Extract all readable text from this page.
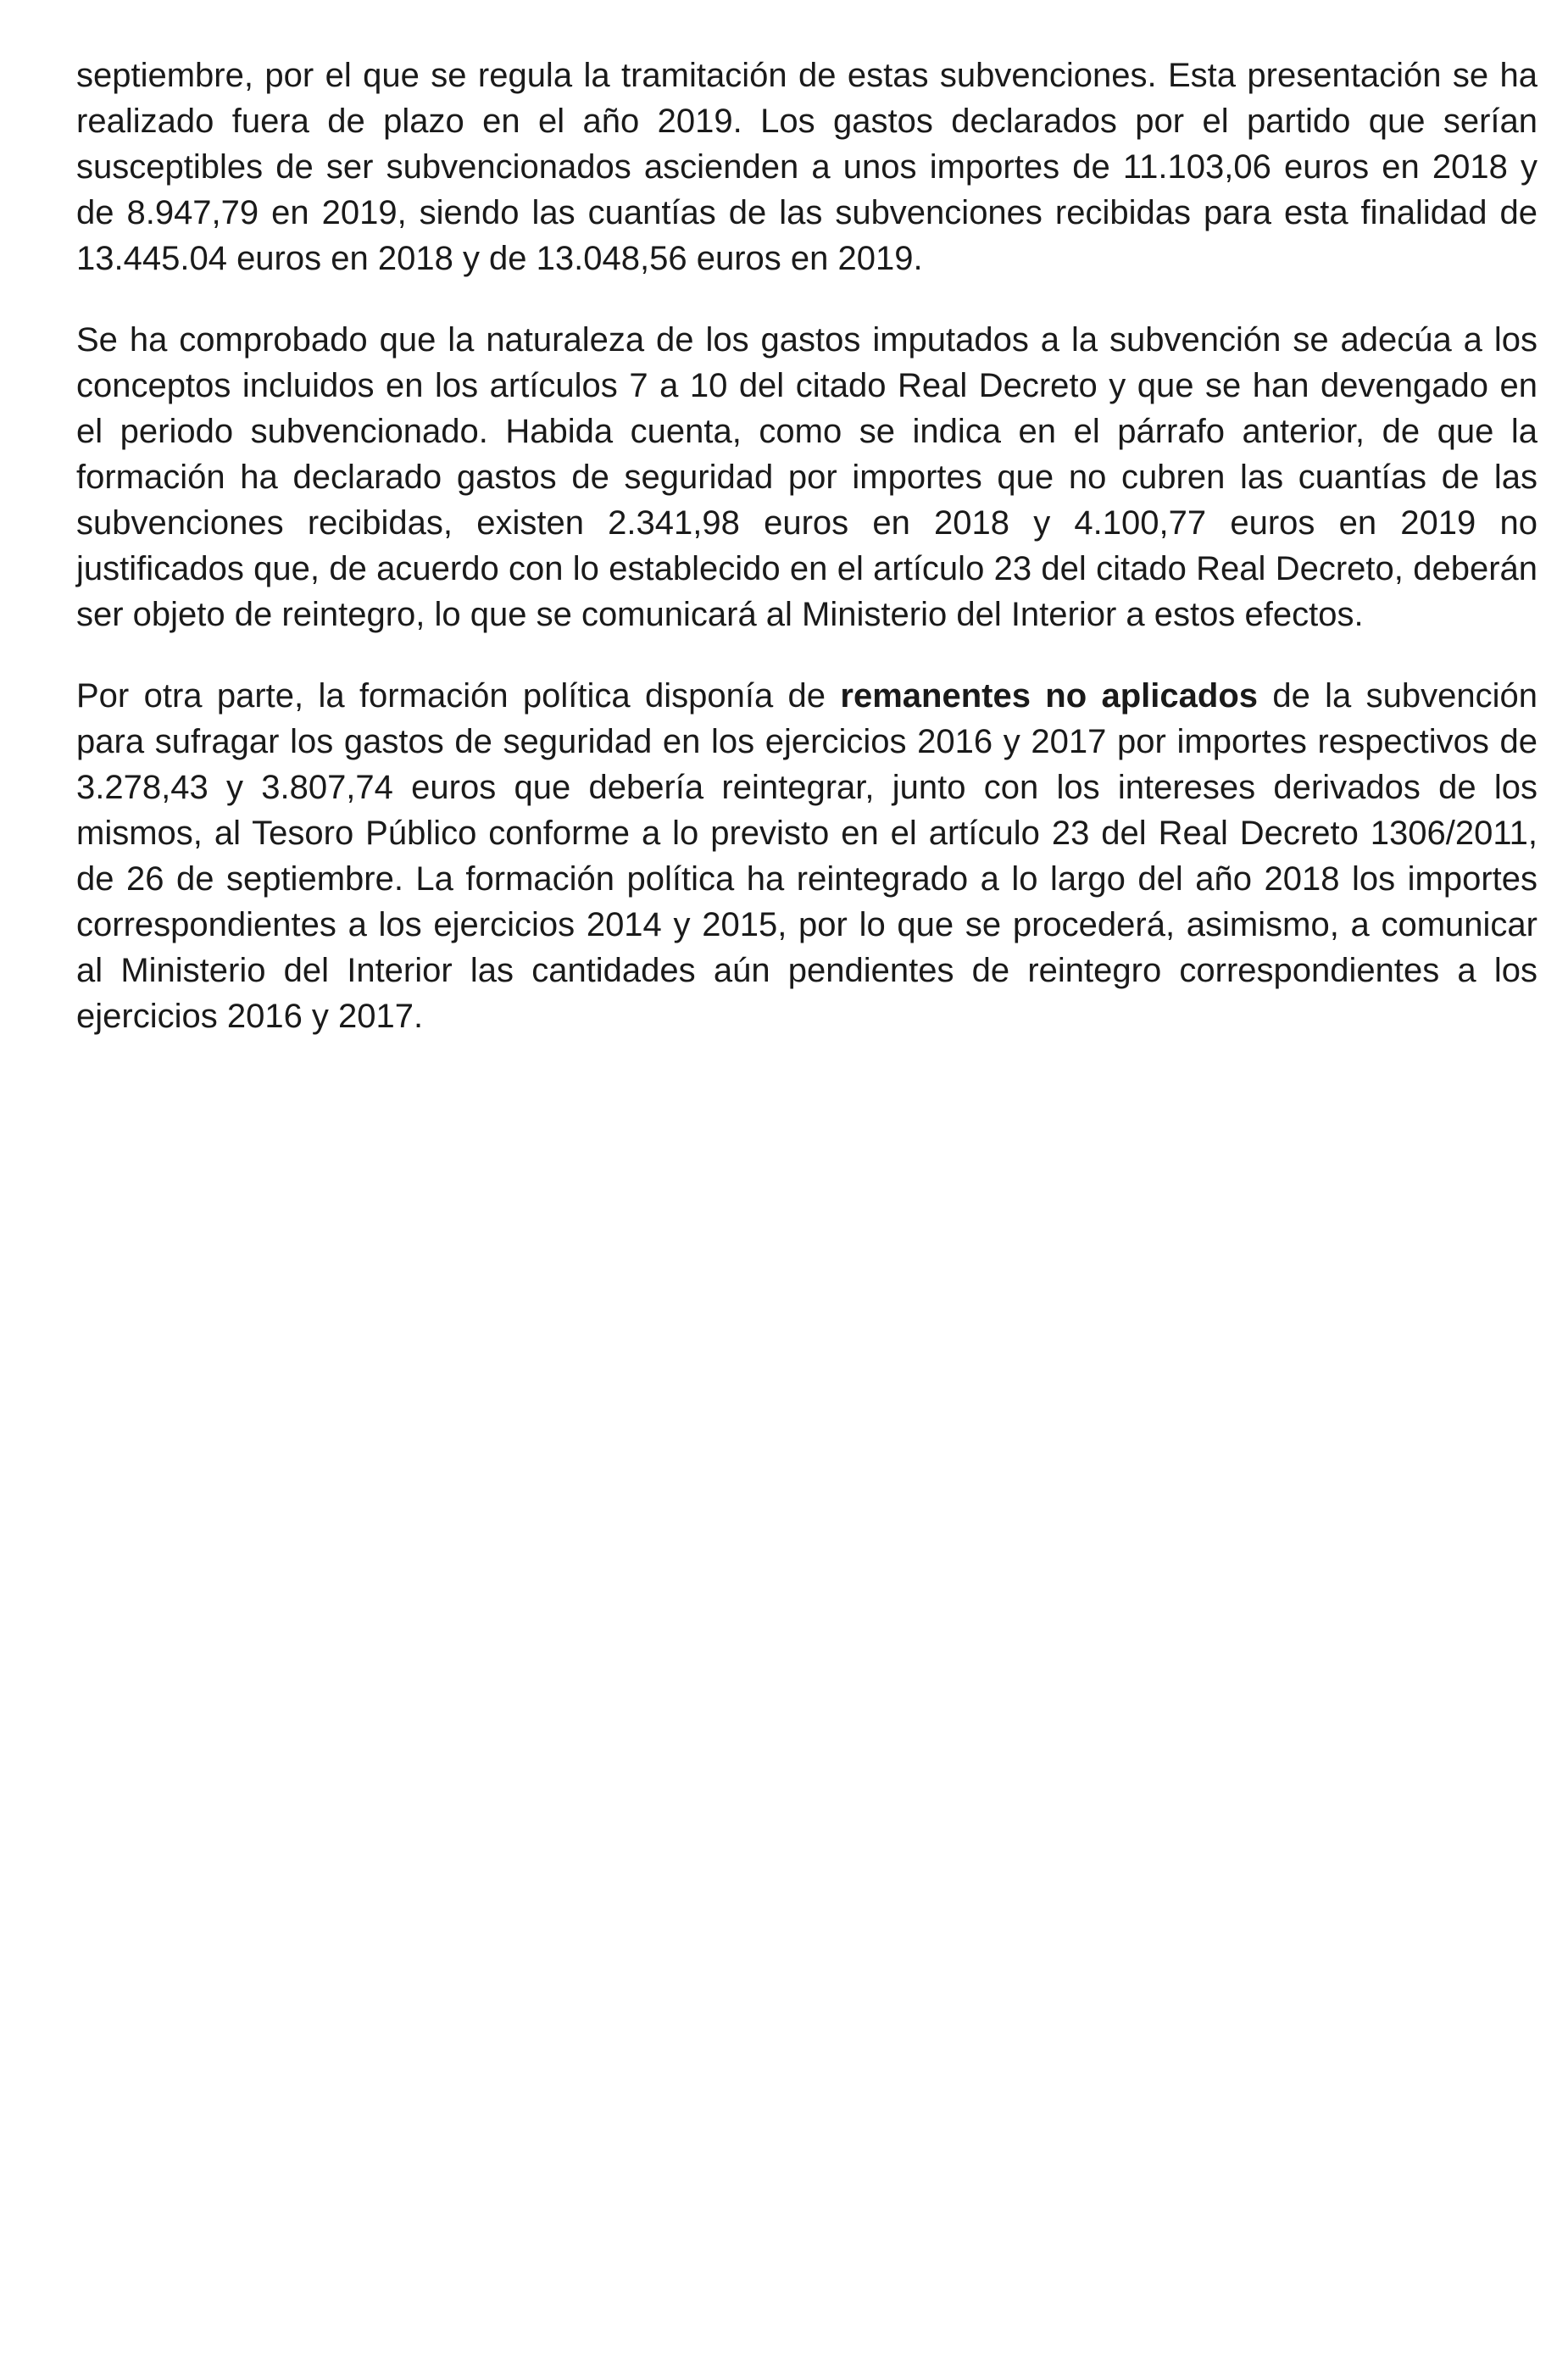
septiembre, por el que se regula la tramitación de estas subvenciones. Esta presentación se ha realizado fuera de plazo en el año 2019. Los gastos declarados por el partido que serían susceptibles de ser subvencionados ascienden a unos importes de 11.103,06 euros en 2018 y de 8.947,79 en 2019, siendo las cuantías de las subvenciones recibidas para esta finalidad de 13.445.04 euros en 2018 y de 13.048,56 euros en 2019.

Se ha comprobado que la naturaleza de los gastos imputados a la subvención se adecúa a los conceptos incluidos en los artículos 7 a 10 del citado Real Decreto y que se han devengado en el periodo subvencionado. Habida cuenta, como se indica en el párrafo anterior, de que la formación ha declarado gastos de seguridad por importes que no cubren las cuantías de las subvenciones recibidas, existen 2.341,98 euros en 2018 y 4.100,77 euros en 2019 no justificados que, de acuerdo con lo establecido en el artículo 23 del citado Real Decreto, deberán ser objeto de reintegro, lo que se comunicará al Ministerio del Interior a estos efectos.

Por otra parte, la formación política disponía de remanentes no aplicados de la subvención para sufragar los gastos de seguridad en los ejercicios 2016 y 2017 por importes respectivos de 3.278,43 y 3.807,74 euros que debería reintegrar, junto con los intereses derivados de los mismos, al Tesoro Público conforme a lo previsto en el artículo 23 del Real Decreto 1306/2011, de 26 de septiembre. La formación política ha reintegrado a lo largo del año 2018 los importes correspondientes a los ejercicios 2014 y 2015, por lo que se procederá, asimismo, a comunicar al Ministerio del Interior las cantidades aún pendientes de reintegro correspondientes a los ejercicios 2016 y 2017.
